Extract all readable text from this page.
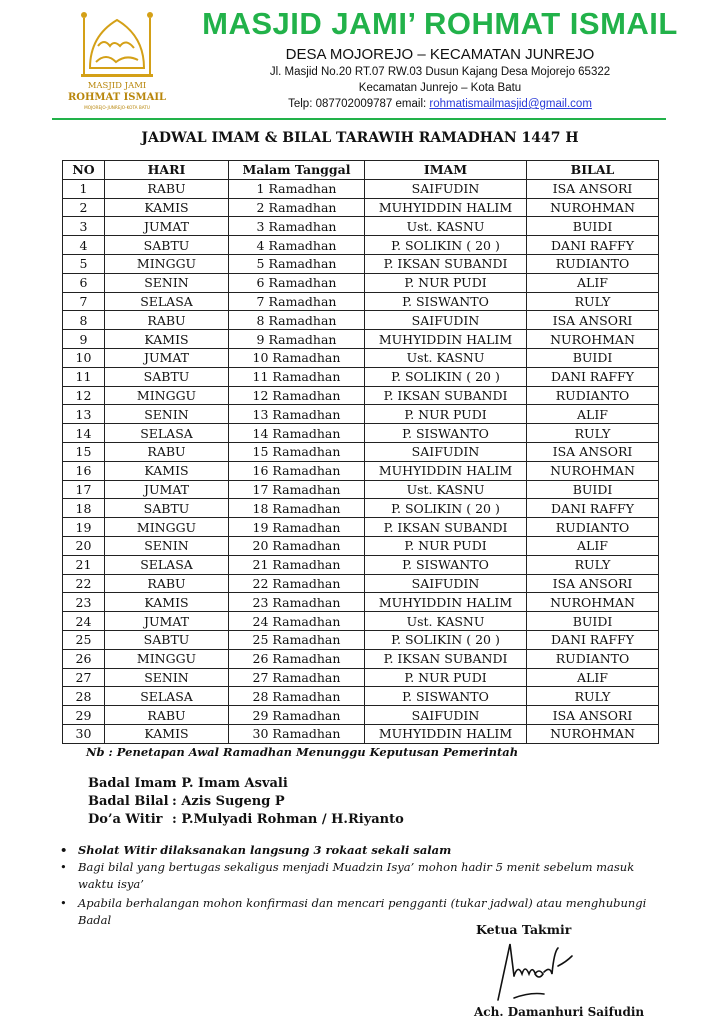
MASJID JAMI
ROHMAT ISMAIL
MOJOREJO-JUNREJO-KOTA BATU
MASJID JAMI’ ROHMAT ISMAIL
DESA MOJOREJO – KECAMATAN JUNREJO
Jl. Masjid No.20 RT.07 RW.03 Dusun Kajang Desa Mojorejo 65322
Kecamatan Junrejo – Kota Batu
Telp: 087702009787 email: rohmatismailmasjid@gmail.com
JADWAL IMAM & BILAL TARAWIH RAMADHAN 1447 H
NO	HARI	Malam Tanggal	IMAM	BILAL
1	RABU	1 Ramadhan	SAIFUDIN	ISA ANSORI
2	KAMIS	2 Ramadhan	MUHYIDDIN HALIM	NUROHMAN
3	JUMAT	3 Ramadhan	Ust. KASNU	BUIDI
4	SABTU	4 Ramadhan	P. SOLIKIN ( 20 )	DANI RAFFY
5	MINGGU	5 Ramadhan	P. IKSAN SUBANDI	RUDIANTO
6	SENIN	6 Ramadhan	P. NUR PUDI	ALIF
7	SELASA	7 Ramadhan	P. SISWANTO	RULY
8	RABU	8 Ramadhan	SAIFUDIN	ISA ANSORI
9	KAMIS	9 Ramadhan	MUHYIDDIN HALIM	NUROHMAN
10	JUMAT	10 Ramadhan	Ust. KASNU	BUIDI
11	SABTU	11 Ramadhan	P. SOLIKIN ( 20 )	DANI RAFFY
12	MINGGU	12 Ramadhan	P. IKSAN SUBANDI	RUDIANTO
13	SENIN	13 Ramadhan	P. NUR PUDI	ALIF
14	SELASA	14 Ramadhan	P. SISWANTO	RULY
15	RABU	15 Ramadhan	SAIFUDIN	ISA ANSORI
16	KAMIS	16 Ramadhan	MUHYIDDIN HALIM	NUROHMAN
17	JUMAT	17 Ramadhan	Ust. KASNU	BUIDI
18	SABTU	18 Ramadhan	P. SOLIKIN ( 20 )	DANI RAFFY
19	MINGGU	19 Ramadhan	P. IKSAN SUBANDI	RUDIANTO
20	SENIN	20 Ramadhan	P. NUR PUDI	ALIF
21	SELASA	21 Ramadhan	P. SISWANTO	RULY
22	RABU	22 Ramadhan	SAIFUDIN	ISA ANSORI
23	KAMIS	23 Ramadhan	MUHYIDDIN HALIM	NUROHMAN
24	JUMAT	24 Ramadhan	Ust. KASNU	BUIDI
25	SABTU	25 Ramadhan	P. SOLIKIN ( 20 )	DANI RAFFY
26	MINGGU	26 Ramadhan	P. IKSAN SUBANDI	RUDIANTO
27	SENIN	27 Ramadhan	P. NUR PUDI	ALIF
28	SELASA	28 Ramadhan	P. SISWANTO	RULY
29	RABU	29 Ramadhan	SAIFUDIN	ISA ANSORI
30	KAMIS	30 Ramadhan	MUHYIDDIN HALIM	NUROHMAN
Nb : Penetapan Awal Ramadhan Menunggu Keputusan Pemerintah
Badal Imam: P. Imam Asvali
Badal Bilal : Azis Sugeng P
Do’a Witir : P.Mulyadi Rohman / H.Riyanto
• Sholat Witir dilaksanakan langsung 3 rokaat sekali salam
• Bagi bilal yang bertugas sekaligus menjadi Muadzin Isya’ mohon hadir 5 menit sebelum masuk waktu isya’
• Apabila berhalangan mohon konfirmasi dan mencari pengganti (tukar jadwal) atau menghubungi Badal
Ketua Takmir
Ach. Damanhuri Saifudin
